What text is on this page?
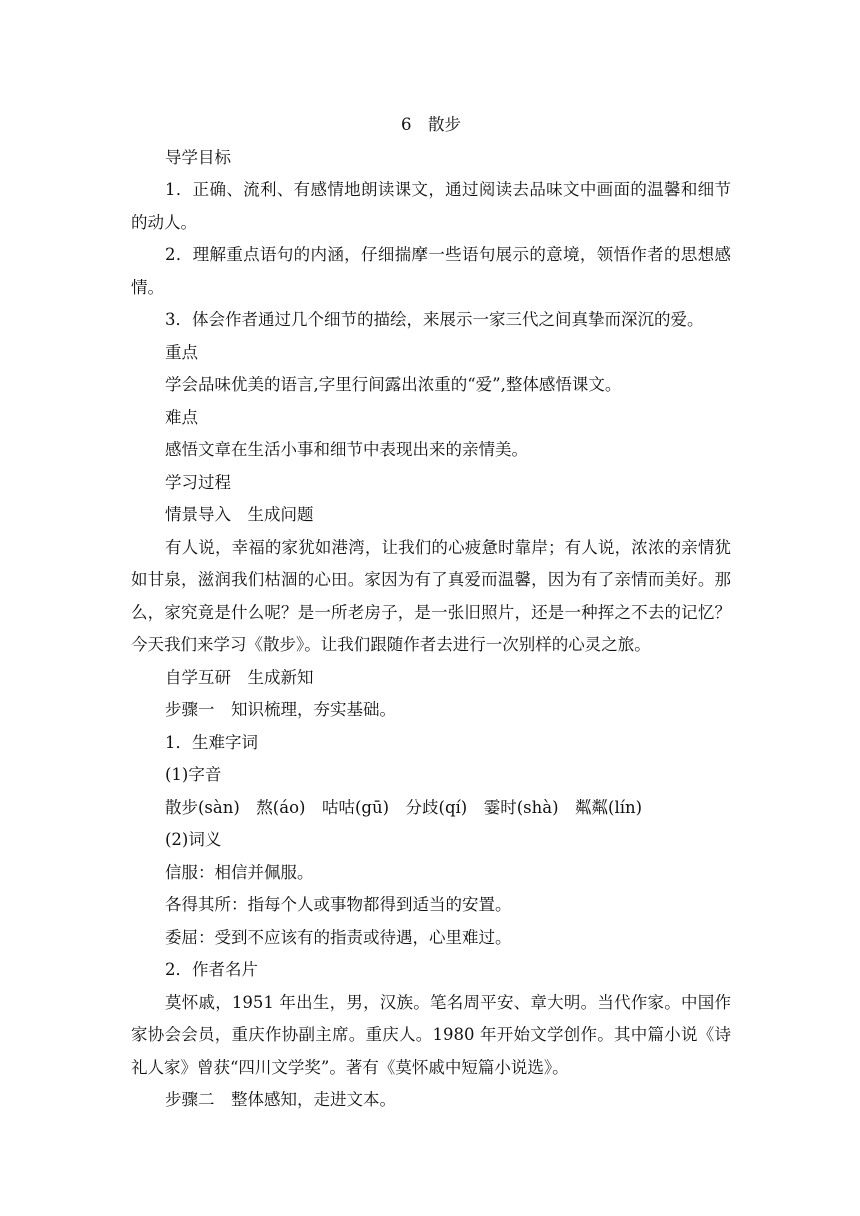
6　散步

导学目标

1．正确、流利、有感情地朗读课文，通过阅读去品味文中画面的温馨和细节的动人。

2．理解重点语句的内涵，仔细揣摩一些语句展示的意境，领悟作者的思想感情。

3．体会作者通过几个细节的描绘，来展示一家三代之间真挚而深沉的爱。

重点

学会品味优美的语言,字里行间露出浓重的“爱”,整体感悟课文。

难点

感悟文章在生活小事和细节中表现出来的亲情美。

学习过程

情景导入　生成问题

有人说，幸福的家犹如港湾，让我们的心疲惫时靠岸；有人说，浓浓的亲情犹如甘泉，滋润我们枯涸的心田。家因为有了真爱而温馨，因为有了亲情而美好。那么，家究竟是什么呢？是一所老房子，是一张旧照片，还是一种挥之不去的记忆？今天我们来学习《散步》。让我们跟随作者去进行一次别样的心灵之旅。

自学互研　生成新知

步骤一　知识梳理，夯实基础。

1．生难字词

(1)字音

散步(sàn)　熬(áo)　咕咕(gū)　分歧(qí)　霎时(shà)　粼粼(lín)

(2)词义

信服：相信并佩服。

各得其所：指每个人或事物都得到适当的安置。

委屈：受到不应该有的指责或待遇，心里难过。

2．作者名片

莫怀戚，1951 年出生，男，汉族。笔名周平安、章大明。当代作家。中国作家协会会员，重庆作协副主席。重庆人。1980 年开始文学创作。其中篇小说《诗礼人家》曾获“四川文学奖”。著有《莫怀戚中短篇小说选》。

步骤二　整体感知，走进文本。
